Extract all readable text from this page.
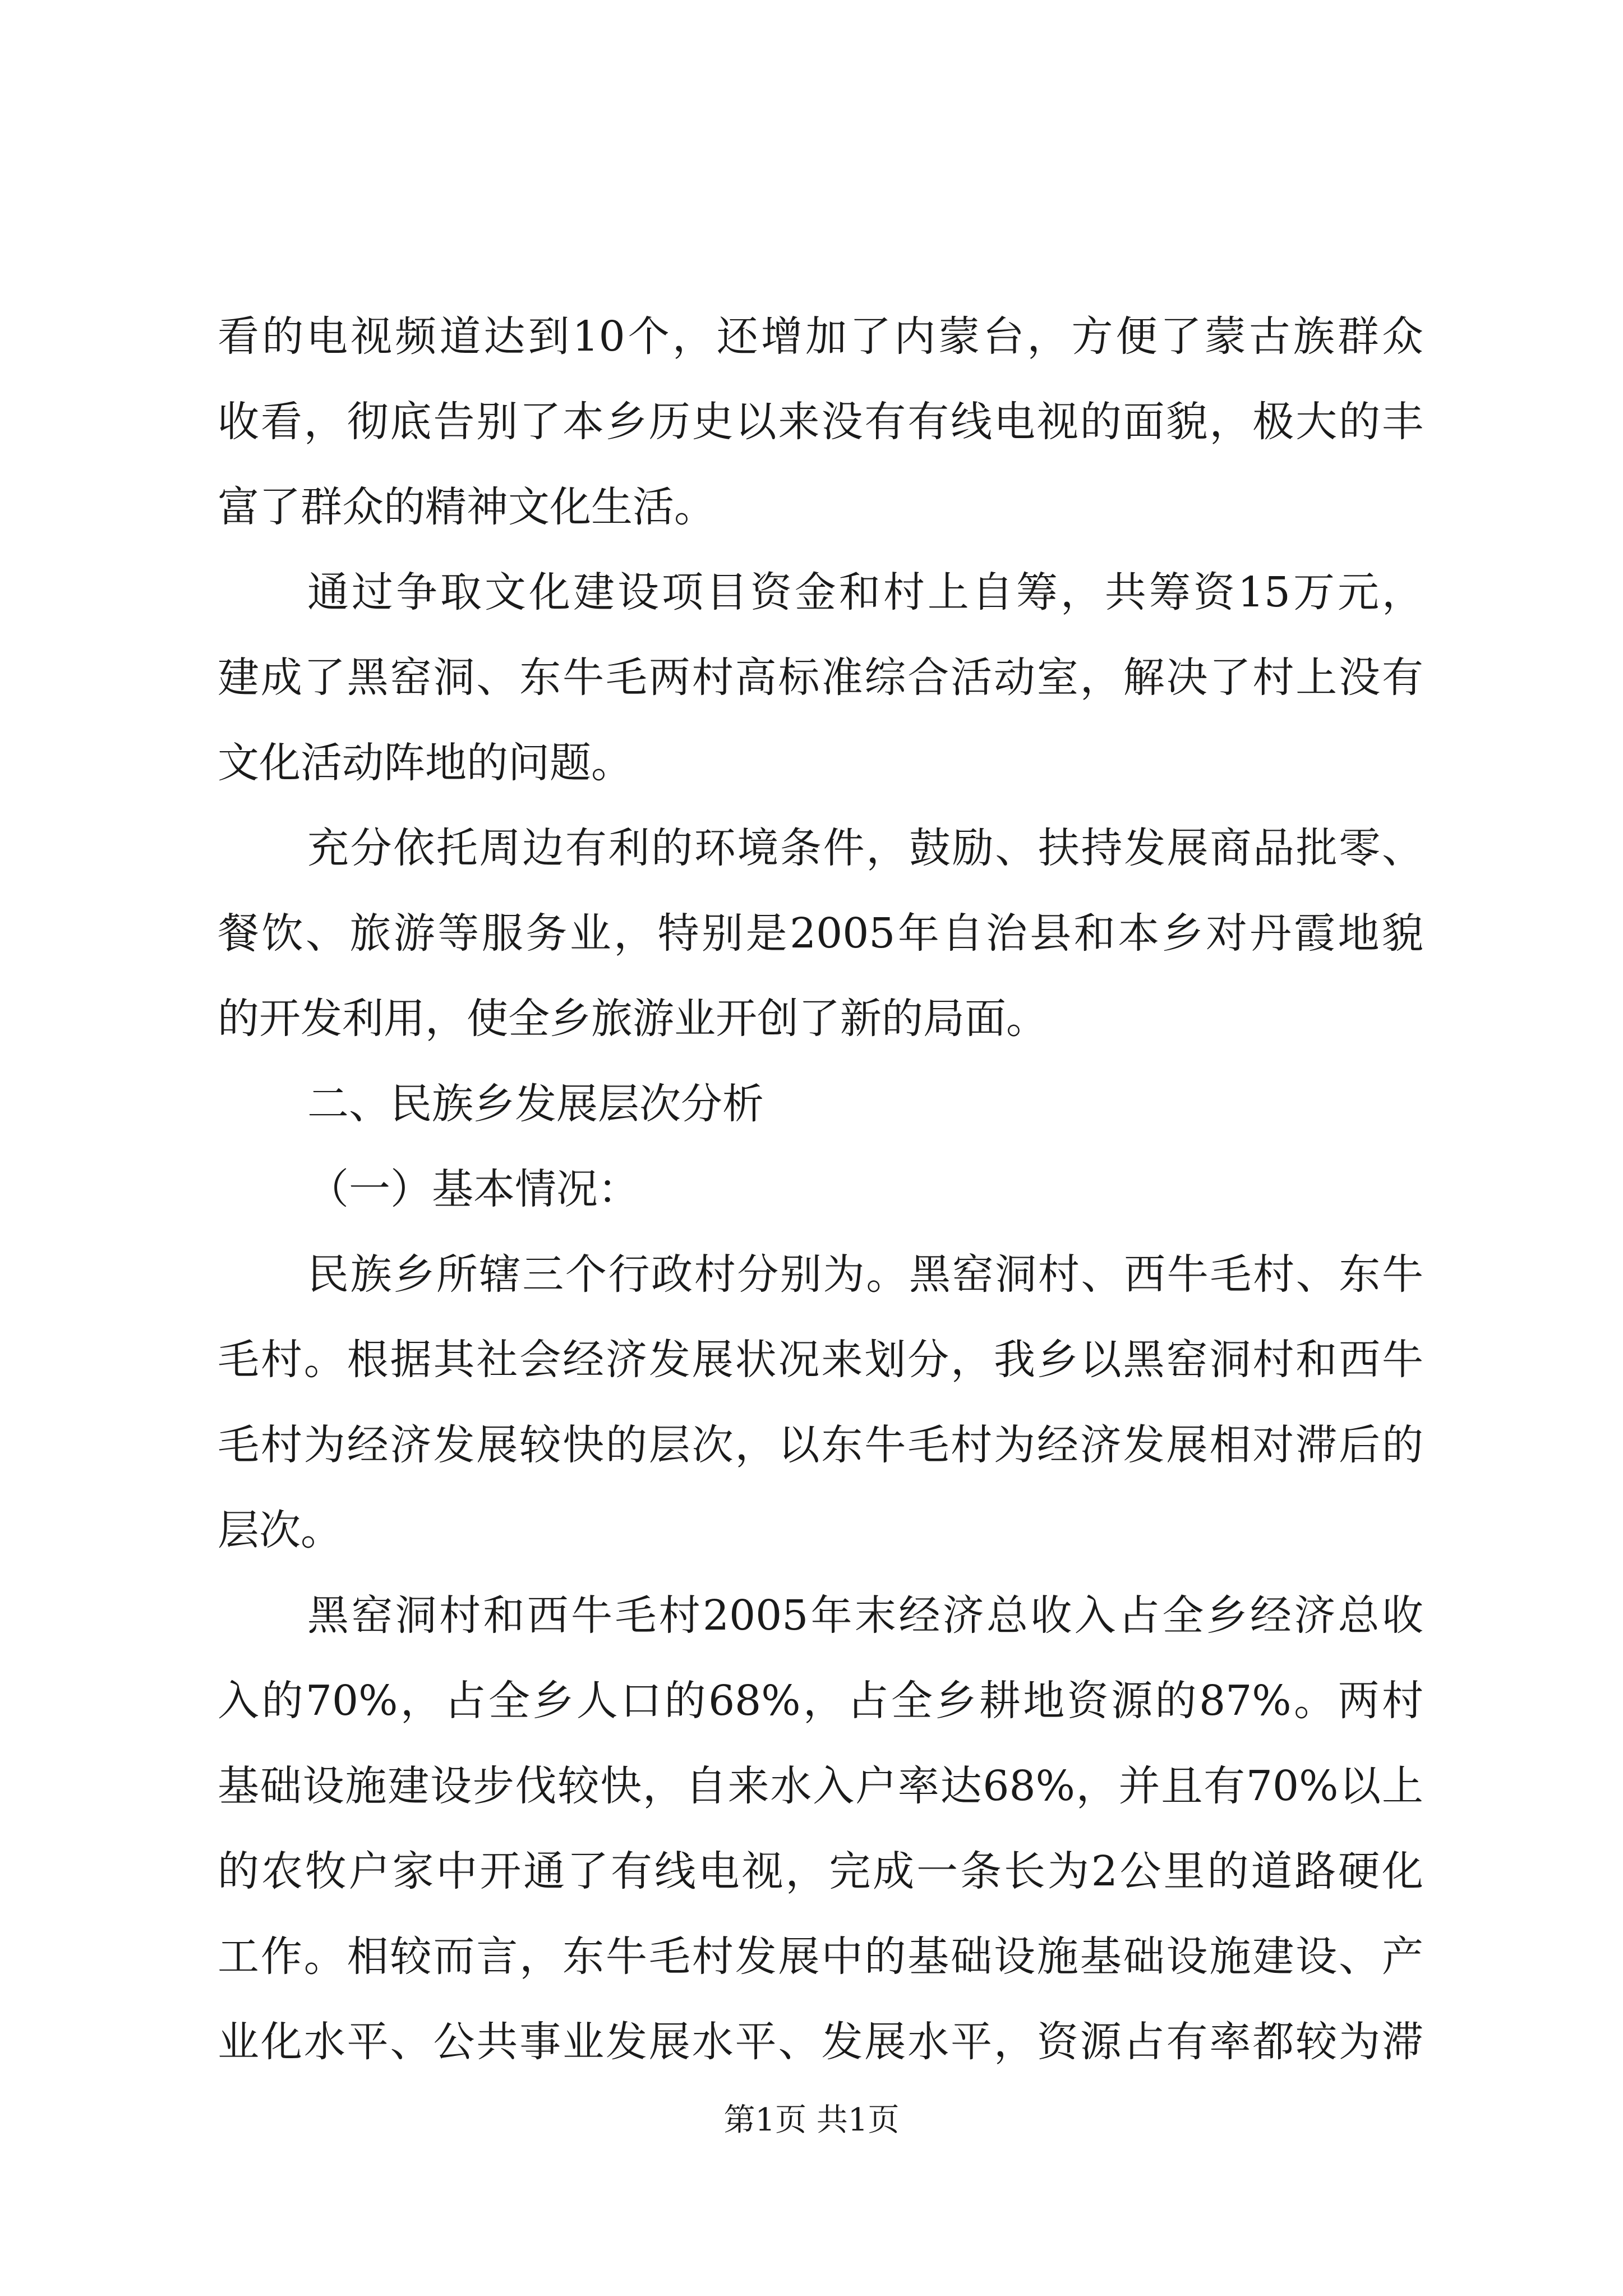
看的电视频道达到10个，还增加了内蒙台，方便了蒙古族群众
收看，彻底告别了本乡历史以来没有有线电视的面貌，极大的丰
富了群众的精神文化生活。
通过争取文化建设项目资金和村上自筹，共筹资15万元，
建成了黑窑洞、东牛毛两村高标准综合活动室，解决了村上没有
文化活动阵地的问题。
充分依托周边有利的环境条件，鼓励、扶持发展商品批零、
餐饮、旅游等服务业，特别是2005年自治县和本乡对丹霞地貌
的开发利用，使全乡旅游业开创了新的局面。
二、民族乡发展层次分析
（一）基本情况：
民族乡所辖三个行政村分别为。黑窑洞村、西牛毛村、东牛
毛村。根据其社会经济发展状况来划分，我乡以黑窑洞村和西牛
毛村为经济发展较快的层次，以东牛毛村为经济发展相对滞后的
层次。
黑窑洞村和西牛毛村2005年末经济总收入占全乡经济总收
入的70%，占全乡人口的68%，占全乡耕地资源的87%。两村
基础设施建设步伐较快，自来水入户率达68%，并且有70%以上
的农牧户家中开通了有线电视，完成一条长为2公里的道路硬化
工作。相较而言，东牛毛村发展中的基础设施基础设施建设、产
业化水平、公共事业发展水平、发展水平，资源占有率都较为滞
第1页 共1页
